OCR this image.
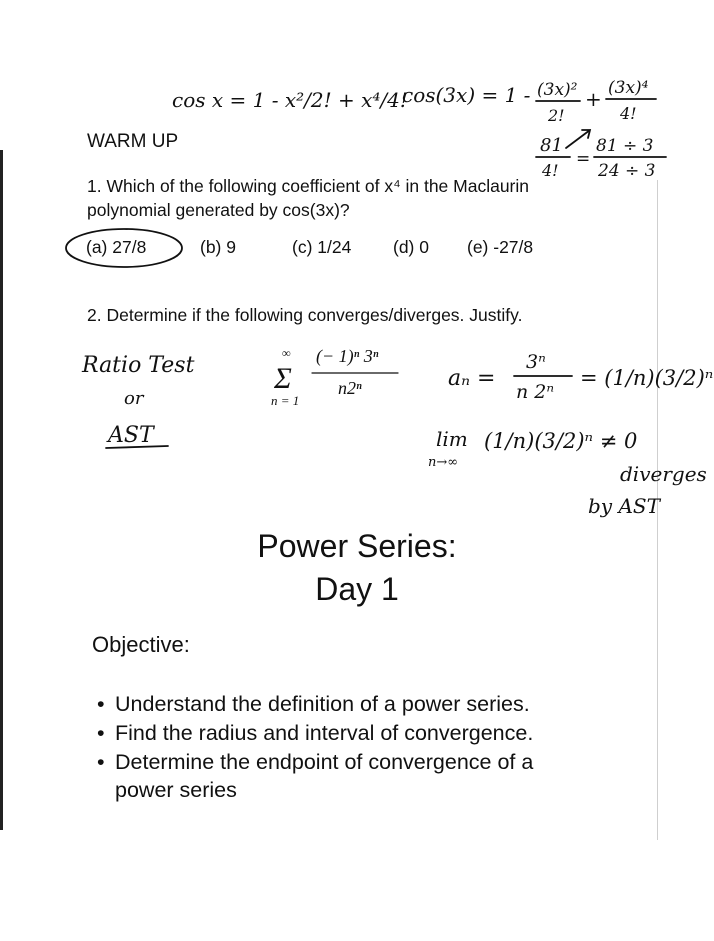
cos x = 1 - x²/2! + x⁴/4!
cos(3x) = 1 - (3x)²
2!
+ (3x)⁴
4!
81
4!
=
81 ÷ 3
24 ÷ 3
Ratio Test
or
AST
aₙ =
3ⁿ
n 2ⁿ
= (1/n)(3/2)ⁿ
lim
n→∞
(1/n)(3/2)ⁿ ≠ 0
diverges
by AST
∞
Σ
n = 1
(− 1)ⁿ 3ⁿ
n2ⁿ
WARM UP
1. Which of the following coefficient of x⁴ in the Maclaurin
polynomial generated by cos(3x)?
(a) 27/8	(b) 9	(c) 1/24 (d) 0 (e) -27/8
2. Determine if the following converges/diverges. Justify.
Power Series:
Day 1
Objective:
• Understand the definition of a power series.
• Find the radius and interval of convergence.
• Determine the endpoint of convergence of a
power series
